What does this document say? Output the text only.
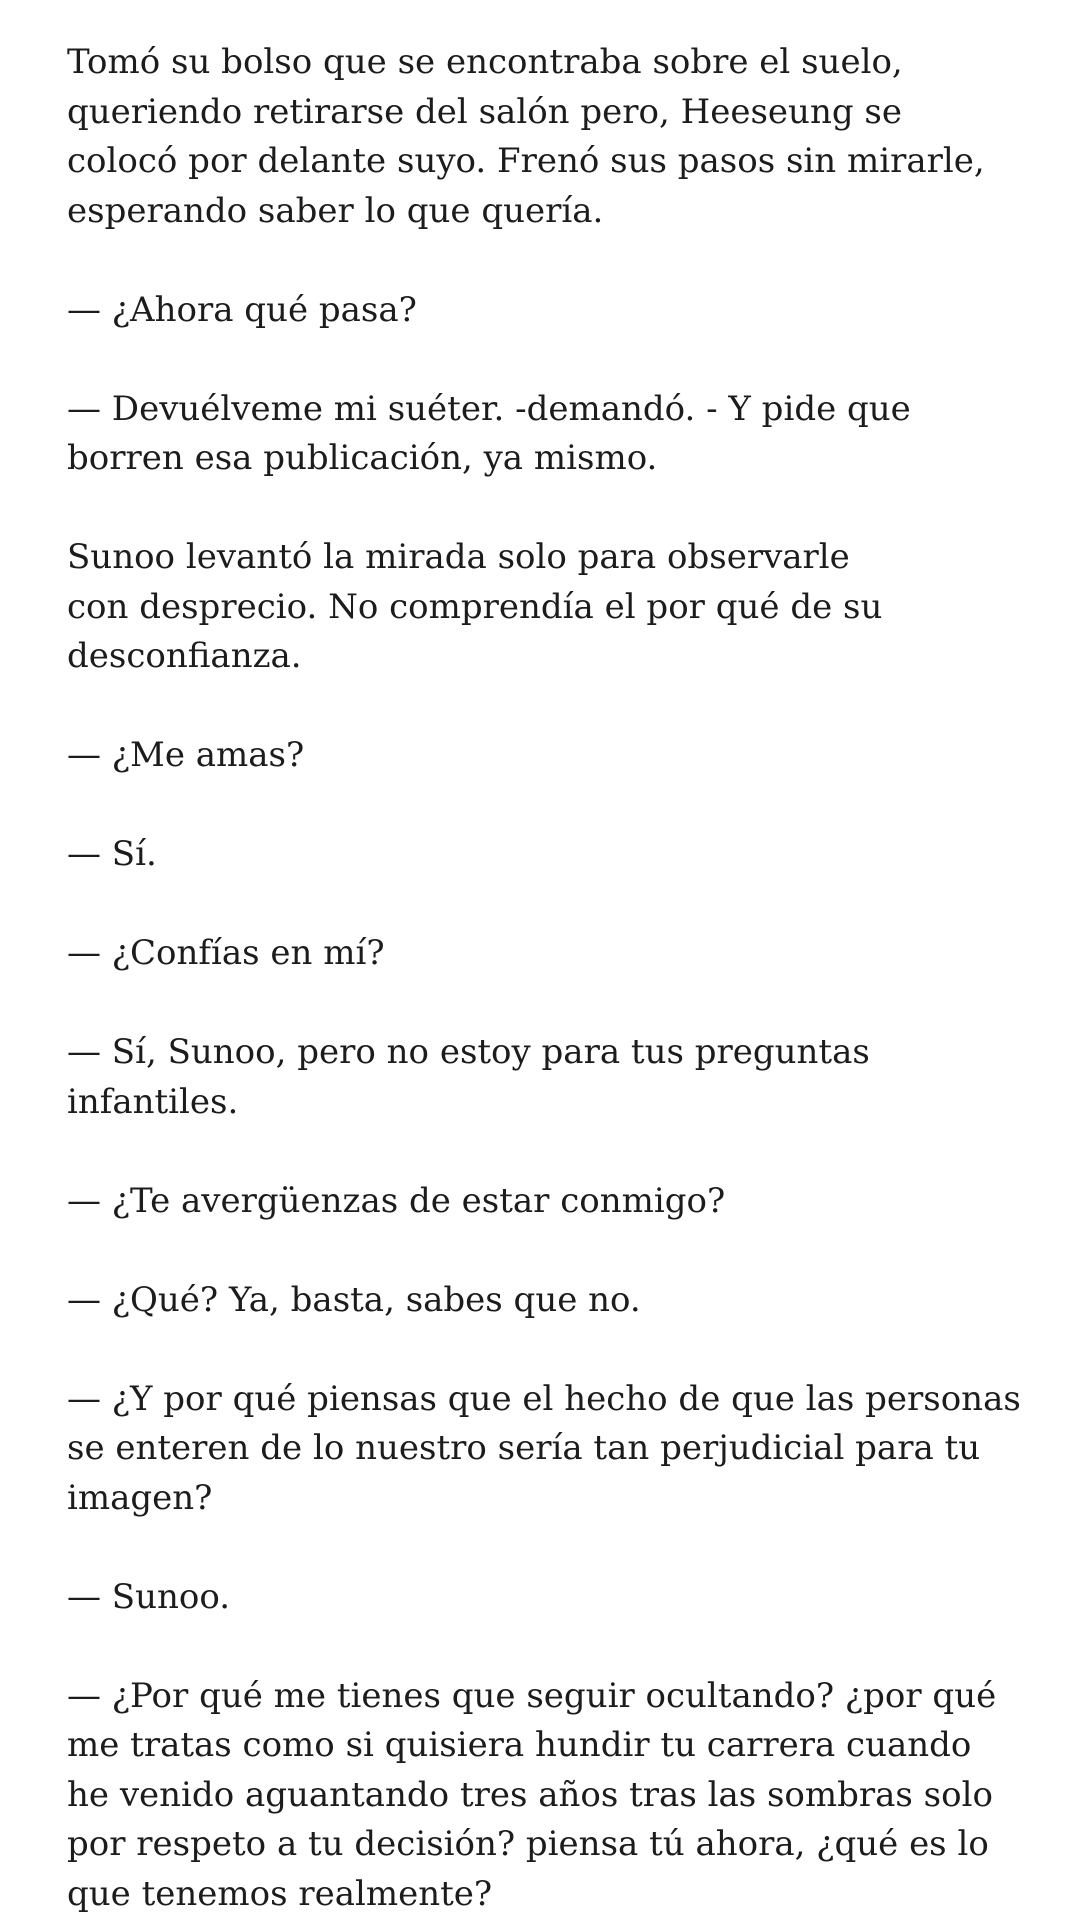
Tomó su bolso que se encontraba sobre el suelo,
queriendo retirarse del salón pero, Heeseung se
colocó por delante suyo. Frenó sus pasos sin mirarle,
esperando saber lo que quería.

— ¿Ahora qué pasa?

— Devuélveme mi suéter. -demandó. - Y pide que
borren esa publicación, ya mismo.

Sunoo levantó la mirada solo para observarle
con desprecio. No comprendía el por qué de su
desconfianza.

— ¿Me amas?

— Sí.

— ¿Confías en mí?

— Sí, Sunoo, pero no estoy para tus preguntas
infantiles.

— ¿Te avergüenzas de estar conmigo?

— ¿Qué? Ya, basta, sabes que no.

— ¿Y por qué piensas que el hecho de que las personas
se enteren de lo nuestro sería tan perjudicial para tu
imagen?

— Sunoo.

— ¿Por qué me tienes que seguir ocultando? ¿por qué
me tratas como si quisiera hundir tu carrera cuando
he venido aguantando tres años tras las sombras solo
por respeto a tu decisión? piensa tú ahora, ¿qué es lo
que tenemos realmente?
